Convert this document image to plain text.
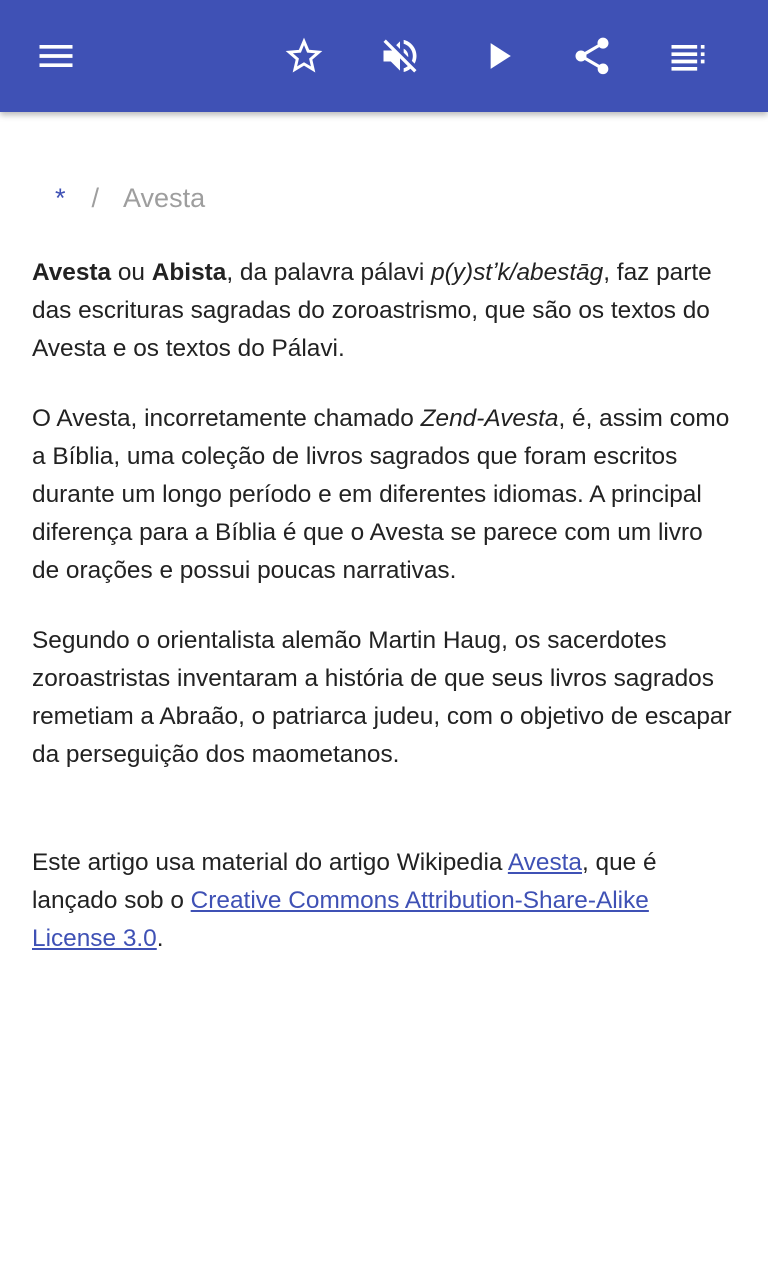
* / Avesta

Avesta ou Abista, da palavra pálavi p(y)stʼk/abestāg, faz parte das escrituras sagradas do zoroastrismo, que são os textos do Avesta e os textos do Pálavi.

O Avesta, incorretamente chamado Zend-Avesta, é, assim como a Bíblia, uma coleção de livros sagrados que foram escritos durante um longo período e em diferentes idiomas. A principal diferença para a Bíblia é que o Avesta se parece com um livro de orações e possui poucas narrativas.

Segundo o orientalista alemão Martin Haug, os sacerdotes zoroastristas inventaram a história de que seus livros sagrados remetiam a Abraão, o patriarca judeu, com o objetivo de escapar da perseguição dos maometanos.

Este artigo usa material do artigo Wikipedia Avesta, que é lançado sob o Creative Commons Attribution-Share-Alike License 3.0.
